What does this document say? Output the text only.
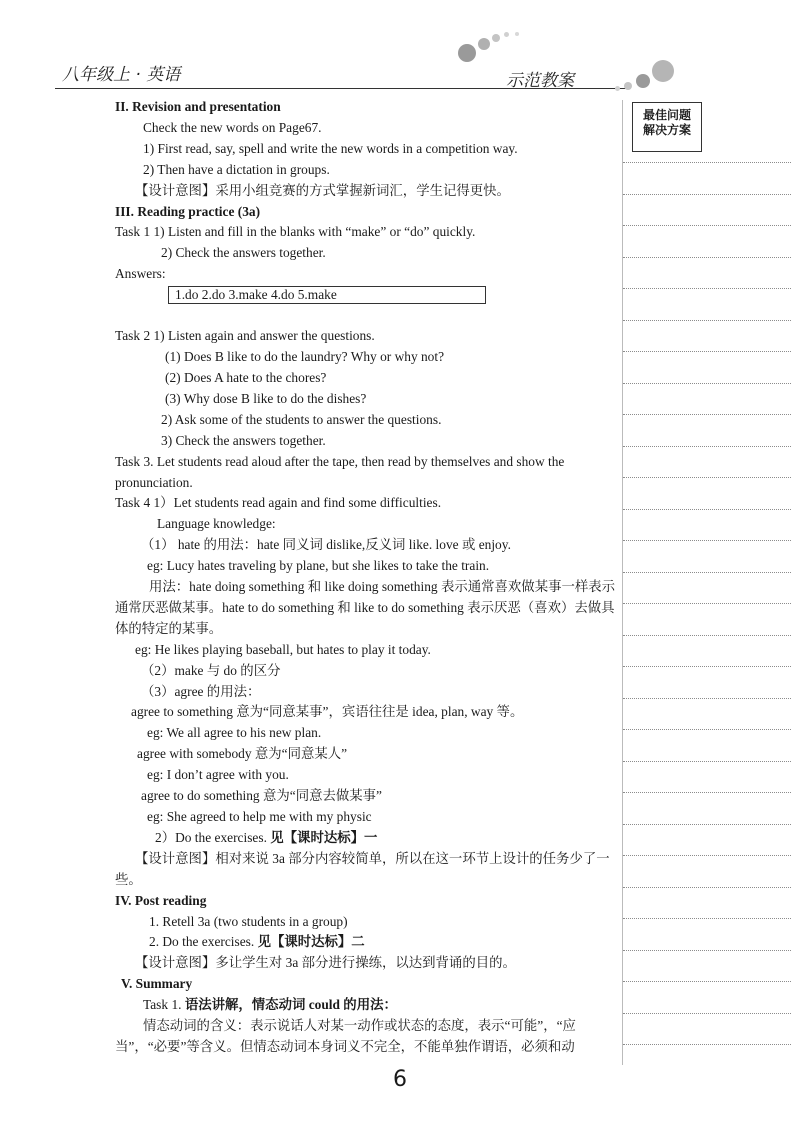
八年级上 · 英语	示范教案
最佳问题
解决方案
II. Revision and presentation
Check the new words on Page67.
1) First read, say, spell and write the new words in a competition way.
2) Then have a dictation in groups.
【设计意图】采用小组竞赛的方式掌握新词汇，学生记得更快。
III. Reading practice (3a)
Task 1 1) Listen and fill in the blanks with “make” or “do” quickly.
2) Check the answers together.
Answers:
1.do 2.do 3.make 4.do 5.make
Task 2 1) Listen again and answer the questions.
(1) Does B like to do the laundry? Why or why not?
(2) Does A hate to the chores?
(3) Why dose B like to do the dishes?
2) Ask some of the students to answer the questions.
3) Check the answers together.
Task 3. Let students read aloud after the tape, then read by themselves and show the pronunciation.
Task 4 1）Let students read again and find some difficulties.
Language knowledge:
（1） hate 的用法：hate 同义词 dislike,反义词 like. love 或 enjoy.
eg: Lucy hates traveling by plane, but she likes to take the train.
用法：hate doing something 和 like doing something 表示通常喜欢做某事一样表示通常厌恶做某事。hate to do something 和 like to do something 表示厌恶（喜欢）去做具体的特定的某事。
eg: He likes playing baseball, but hates to play it today.
（2）make 与 do 的区分
（3）agree 的用法：
agree to something 意为“同意某事”，宾语往往是 idea, plan, way 等。
eg: We all agree to his new plan.
agree with somebody 意为“同意某人”
eg: I don’t agree with you.
agree to do something 意为“同意去做某事”
eg: She agreed to help me with my physic
2）Do the exercises. 见【课时达标】一
【设计意图】相对来说 3a 部分内容较简单，所以在这一环节上设计的任务少了一些。
IV. Post reading
1. Retell 3a (two students in a group)
2. Do the exercises. 见【课时达标】二
【设计意图】多让学生对 3a 部分进行操练，以达到背诵的目的。
V. Summary
Task 1. 语法讲解，情态动词 could 的用法：
情态动词的含义：表示说话人对某一动作或状态的态度，表示“可能”，“应当”，“必要”等含义。但情态动词本身词义不完全，不能单独作谓语，必须和动
6
